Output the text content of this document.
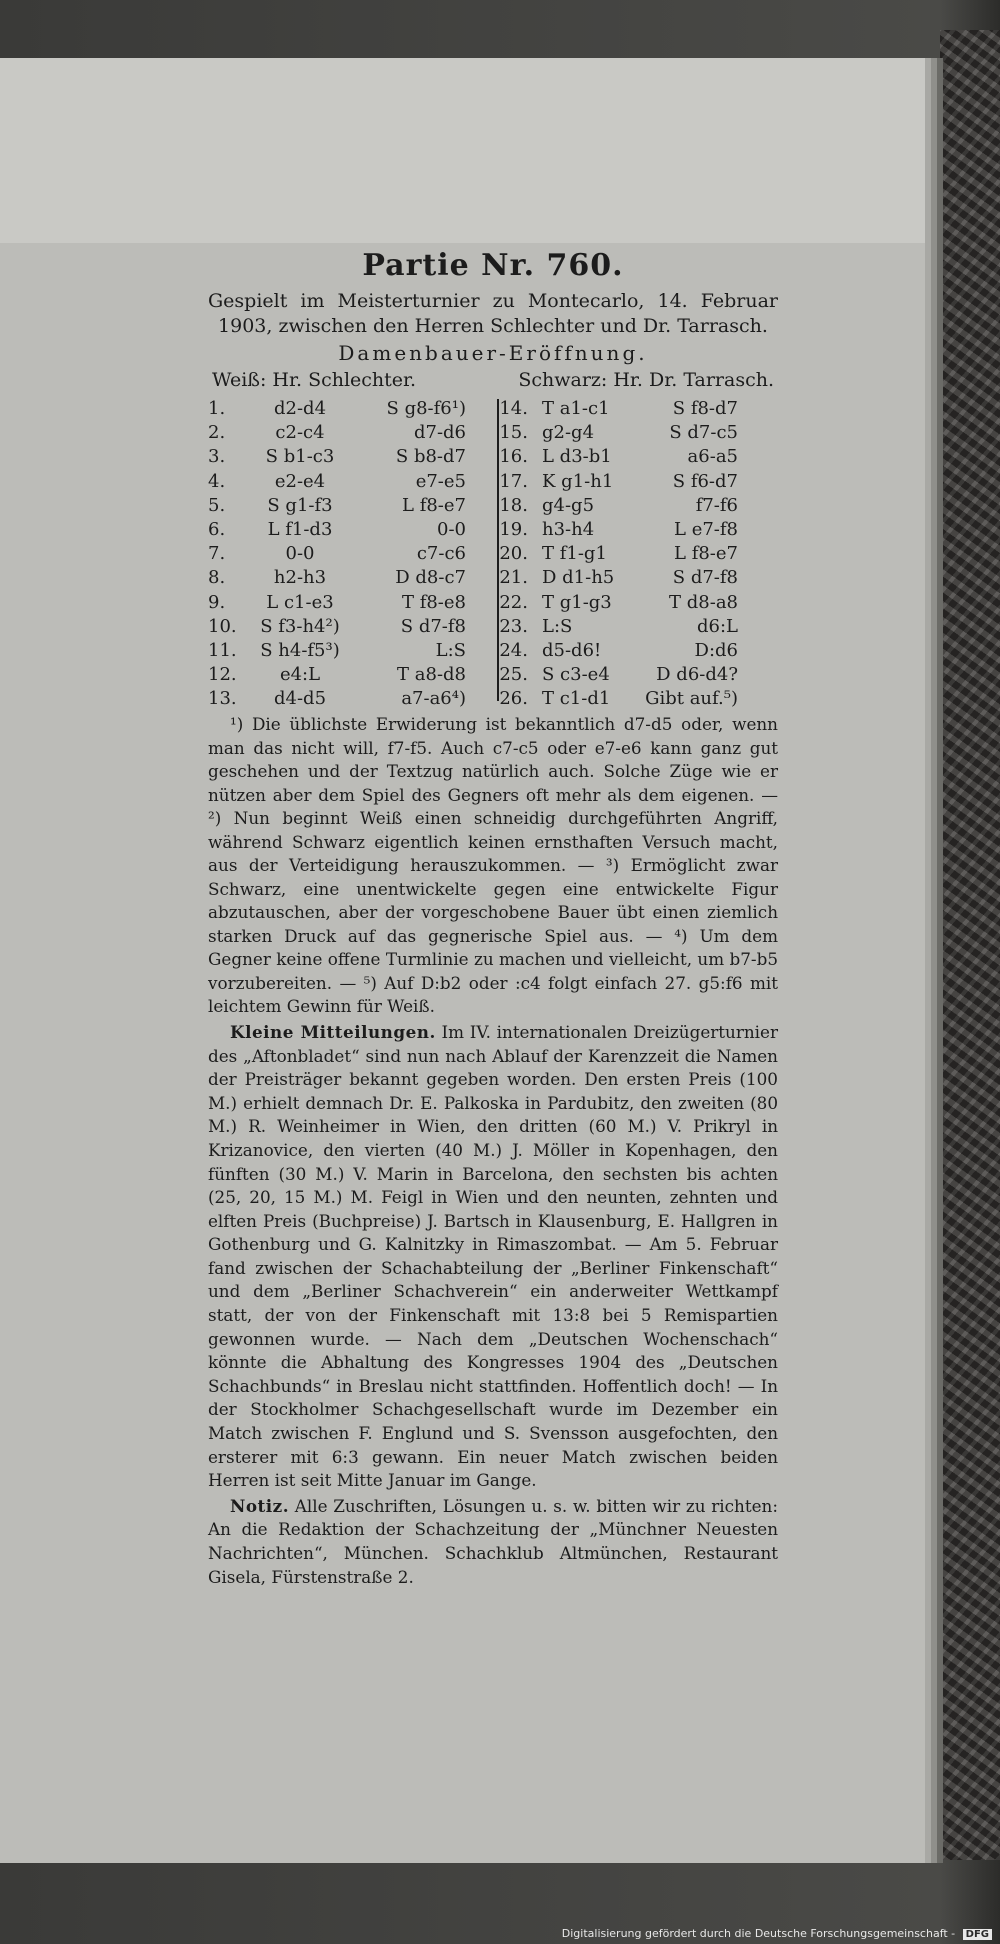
Partie Nr. 760.
Gespielt im Meisterturnier zu Montecarlo, 14. Februar 1903, zwischen den Herren Schlechter und Dr. Tarrasch.
Damenbauer-Eröffnung.
Weiß: Hr. Schlechter.	Schwarz: Hr. Dr. Tarrasch.
1.	d2-d4	S g8-f6¹)	14. T a1-c1	S f8-d7
2.	c2-c4	d7-d6	15. g2-g4	S d7-c5
3.	S b1-c3	S b8-d7	16. L d3-b1	a6-a5
4.	e2-e4	e7-e5	17. K g1-h1	S f6-d7
5.	S g1-f3	L f8-e7	18. g4-g5	f7-f6
6.	L f1-d3	0-0	19. h3-h4	L e7-f8
7.	0-0	c7-c6	20. T f1-g1	L f8-e7
8.	h2-h3	D d8-c7	21. D d1-h5	S d7-f8
9.	L c1-e3	T f8-e8	22. T g1-g3	T d8-a8
10.	S f3-h4²)	S d7-f8	23. L:S	d6:L
11.	S h4-f5³)	L:S	24. d5-d6!	D:d6
12.	e4:L	T a8-d8	25. S c3-e4	D d6-d4?
13.	d4-d5	a7-a6⁴)	26. T c1-d1	Gibt auf.⁵)
¹) Die üblichste Erwiderung ist bekanntlich d7-d5 oder, wenn man das nicht will, f7-f5. Auch c7-c5 oder e7-e6 kann ganz gut geschehen und der Textzug natürlich auch. Solche Züge wie er nützen aber dem Spiel des Gegners oft mehr als dem eigenen. — ²) Nun beginnt Weiß einen schneidig durchgeführten Angriff, während Schwarz eigentlich keinen ernsthaften Versuch macht, aus der Verteidigung herauszukommen. — ³) Ermöglicht zwar Schwarz, eine unentwickelte gegen eine entwickelte Figur abzutauschen, aber der vorgeschobene Bauer übt einen ziemlich starken Druck auf das gegnerische Spiel aus. — ⁴) Um dem Gegner keine offene Turmlinie zu machen und vielleicht, um b7-b5 vorzubereiten. — ⁵) Auf D:b2 oder :c4 folgt einfach 27. g5:f6 mit leichtem Gewinn für Weiß.
Kleine Mitteilungen. Im IV. internationalen Dreizügerturnier des „Aftonbladet“ sind nun nach Ablauf der Karenzzeit die Namen der Preisträger bekannt gegeben worden. Den ersten Preis (100 M.) erhielt demnach Dr. E. Palkoska in Pardubitz, den zweiten (80 M.) R. Weinheimer in Wien, den dritten (60 M.) V. Prikryl in Krizanovice, den vierten (40 M.) J. Möller in Kopenhagen, den fünften (30 M.) V. Marin in Barcelona, den sechsten bis achten (25, 20, 15 M.) M. Feigl in Wien und den neunten, zehnten und elften Preis (Buchpreise) J. Bartsch in Klausenburg, E. Hallgren in Gothenburg und G. Kalnitzky in Rimaszombat. — Am 5. Februar fand zwischen der Schachabteilung der „Berliner Finkenschaft“ und dem „Berliner Schachverein“ ein anderweiter Wettkampf statt, der von der Finkenschaft mit 13:8 bei 5 Remispartien gewonnen wurde. — Nach dem „Deutschen Wochenschach“ könnte die Abhaltung des Kongresses 1904 des „Deutschen Schachbunds“ in Breslau nicht stattfinden. Hoffentlich doch! — In der Stockholmer Schachgesellschaft wurde im Dezember ein Match zwischen F. Englund und S. Svensson ausgefochten, den ersterer mit 6:3 gewann. Ein neuer Match zwischen beiden Herren ist seit Mitte Januar im Gange.
Notiz. Alle Zuschriften, Lösungen u. s. w. bitten wir zu richten: An die Redaktion der Schachzeitung der „Münchner Neuesten Nachrichten“, München. Schachklub Altmünchen, Restaurant Gisela, Fürstenstraße 2.
Digitalisierung gefördert durch die Deutsche Forschungsgemeinschaft - DFG
